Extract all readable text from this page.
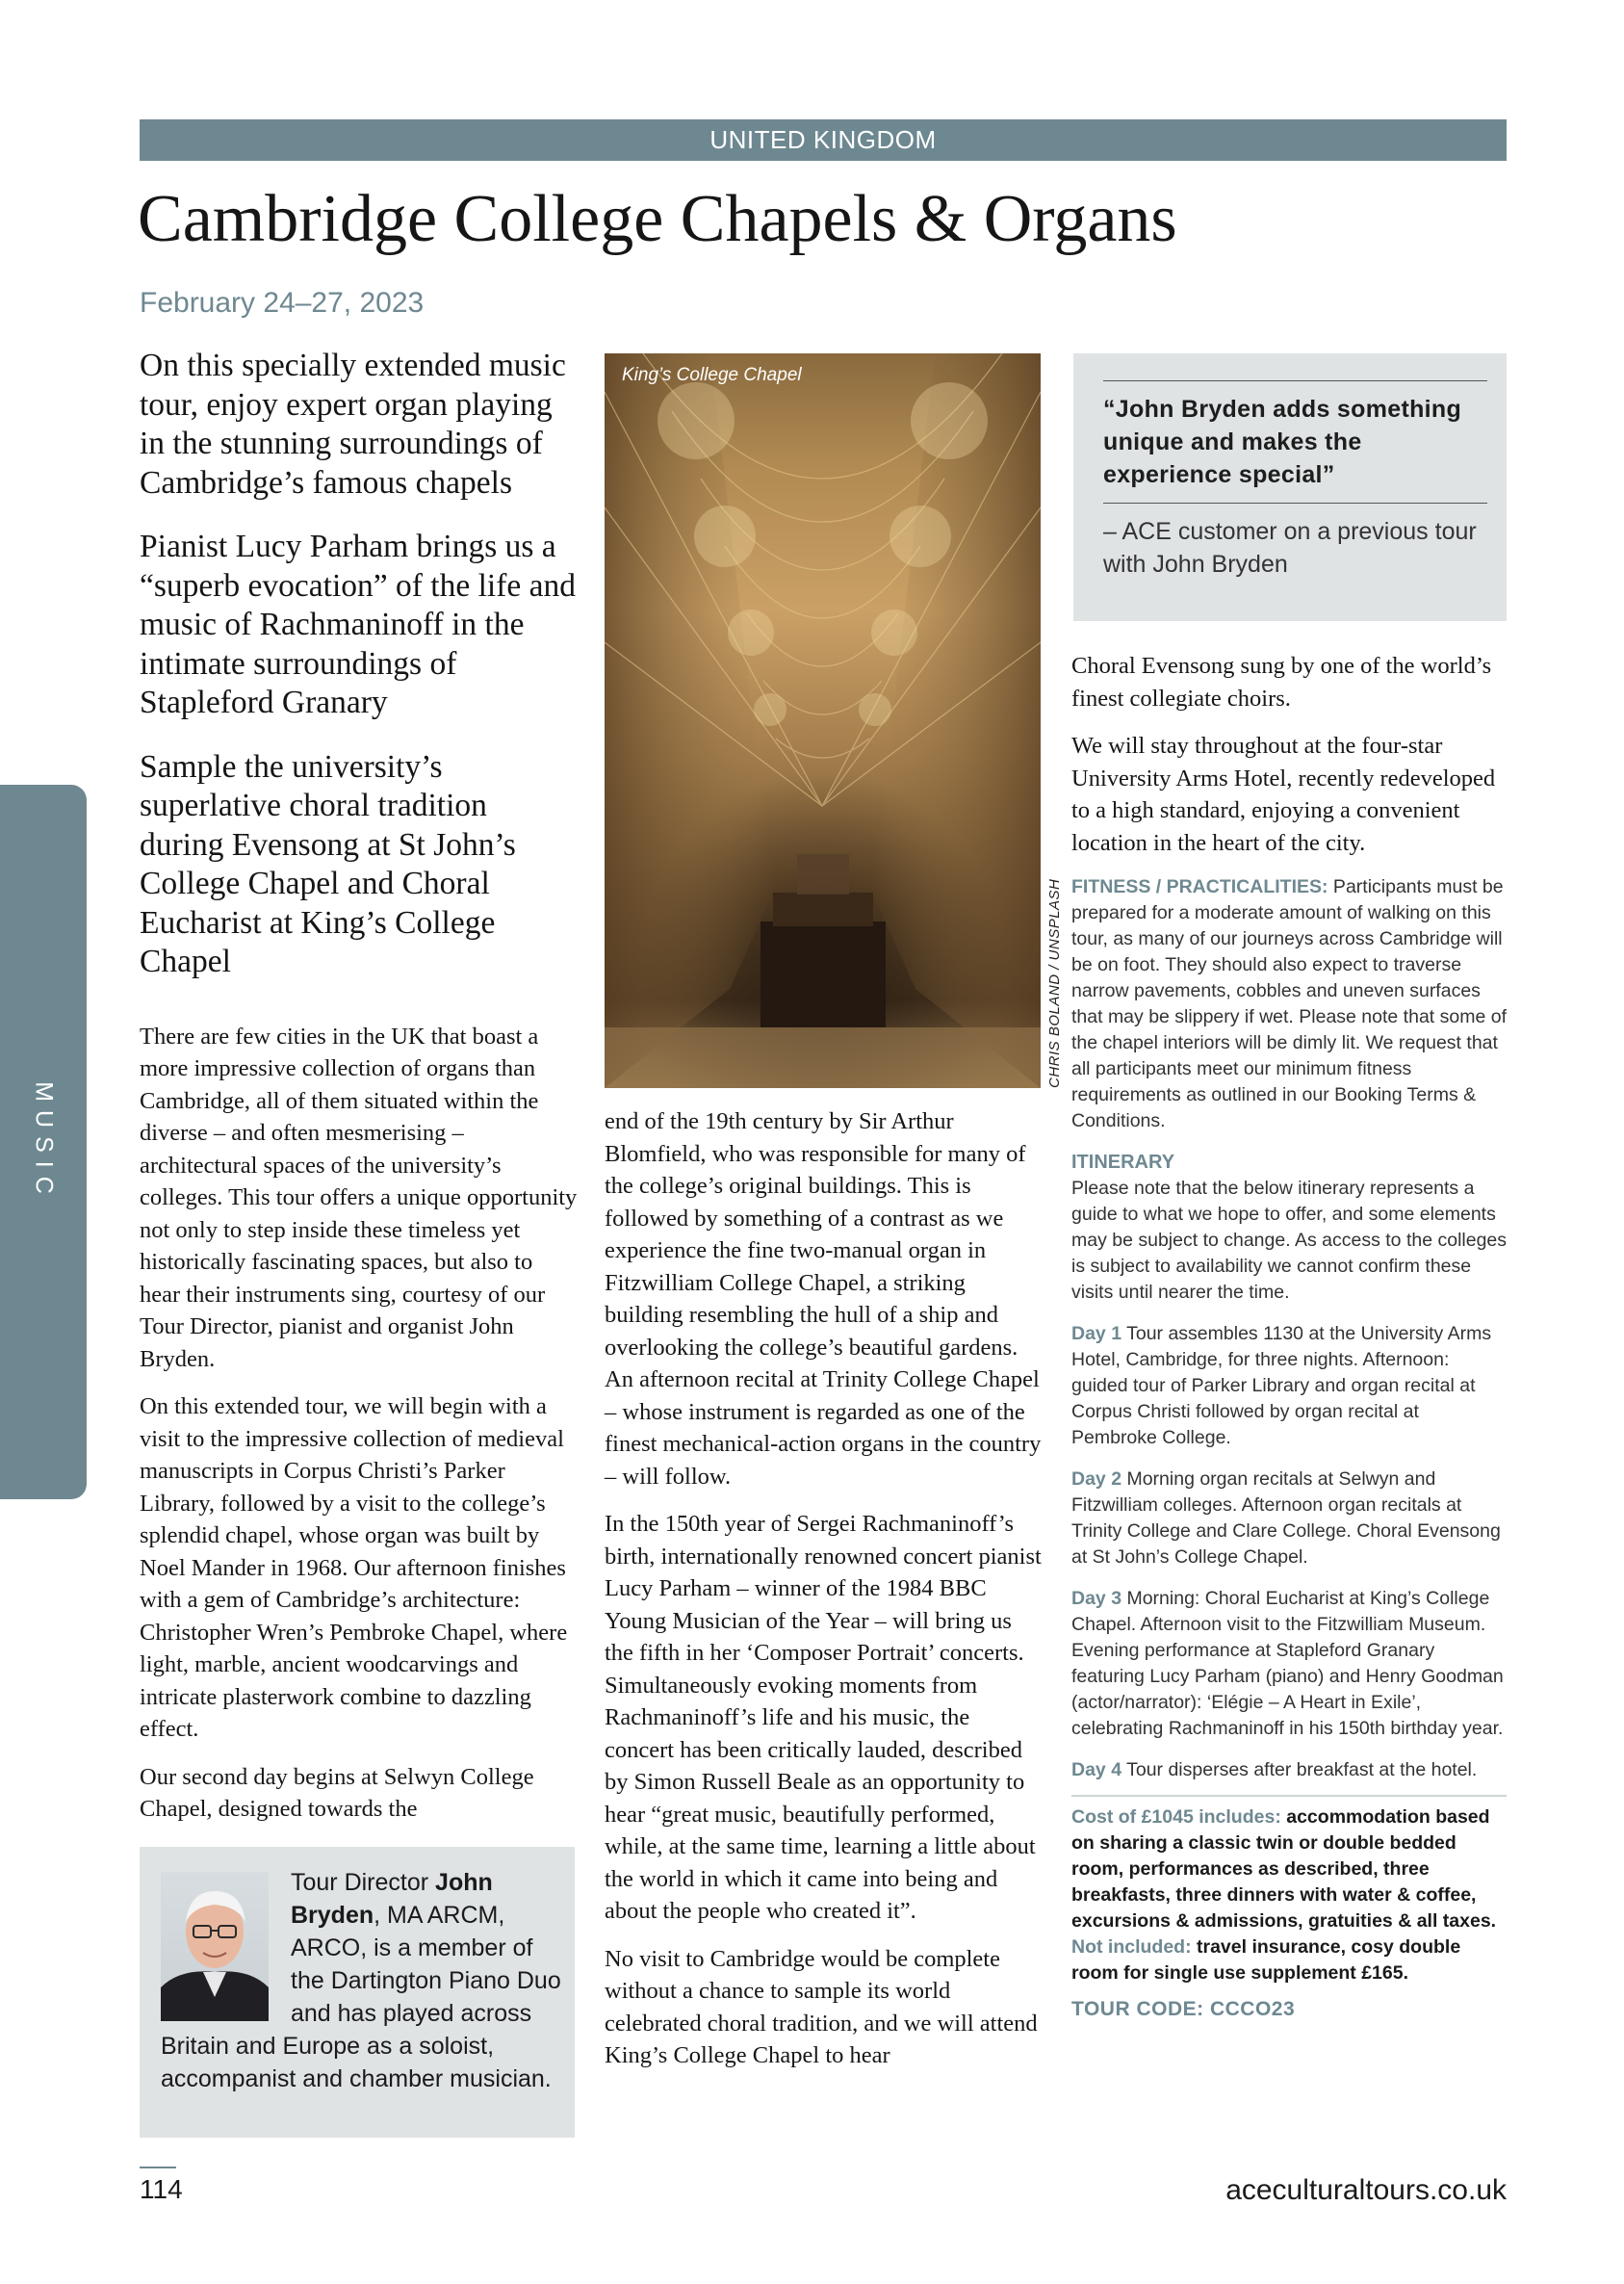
UNITED KINGDOM
Cambridge College Chapels & Organs
February 24–27, 2023
MUSIC

On this specially extended music tour, enjoy expert organ playing in the stunning surroundings of Cambridge’s famous chapels

Pianist Lucy Parham brings us a “superb evocation” of the life and music of Rachmaninoff in the intimate surroundings of Stapleford Granary

Sample the university’s superlative choral tradition during Evensong at St John’s College Chapel and Choral Eucharist at King’s College Chapel

There are few cities in the UK that boast a more impressive collection of organs than Cambridge, all of them situated within the diverse – and often mesmerising – architectural spaces of the university’s colleges. This tour offers a unique opportunity not only to step inside these timeless yet historically fascinating spaces, but also to hear their instruments sing, courtesy of our Tour Director, pianist and organist John Bryden.

On this extended tour, we will begin with a visit to the impressive collection of medieval manuscripts in Corpus Christi’s Parker Library, followed by a visit to the college’s splendid chapel, whose organ was built by Noel Mander in 1968. Our afternoon finishes with a gem of Cambridge’s architecture: Christopher Wren’s Pembroke Chapel, where light, marble, ancient woodcarvings and intricate plasterwork combine to dazzling effect.

Our second day begins at Selwyn College Chapel, designed towards the

King’s College Chapel
CHRIS BOLAND / UNSPLASH

end of the 19th century by Sir Arthur Blomfield, who was responsible for many of the college’s original buildings. This is followed by something of a contrast as we experience the fine two-manual organ in Fitzwilliam College Chapel, a striking building resembling the hull of a ship and overlooking the college’s beautiful gardens. An afternoon recital at Trinity College Chapel – whose instrument is regarded as one of the finest mechanical-action organs in the country – will follow.

In the 150th year of Sergei Rachmaninoff’s birth, internationally renowned concert pianist Lucy Parham – winner of the 1984 BBC Young Musician of the Year – will bring us the fifth in her ‘Composer Portrait’ concerts. Simultaneously evoking moments from Rachmaninoff’s life and his music, the concert has been critically lauded, described by Simon Russell Beale as an opportunity to hear “great music, beautifully performed, while, at the same time, learning a little about the world in which it came into being and about the people who created it”.

No visit to Cambridge would be complete without a chance to sample its world celebrated choral tradition, and we will attend King’s College Chapel to hear

“John Bryden adds something unique and makes the experience special”
– ACE customer on a previous tour with John Bryden

Choral Evensong sung by one of the world’s finest collegiate choirs.

We will stay throughout at the four-star University Arms Hotel, recently redeveloped to a high standard, enjoying a convenient location in the heart of the city.

FITNESS / PRACTICALITIES: Participants must be prepared for a moderate amount of walking on this tour, as many of our journeys across Cambridge will be on foot. They should also expect to traverse narrow pavements, cobbles and uneven surfaces that may be slippery if wet. Please note that some of the chapel interiors will be dimly lit. We request that all participants meet our minimum fitness requirements as outlined in our Booking Terms & Conditions.
ITINERARY
Please note that the below itinerary represents a guide to what we hope to offer, and some elements may be subject to change. As access to the colleges is subject to availability we cannot confirm these visits until nearer the time.
Day 1 Tour assembles 1130 at the University Arms Hotel, Cambridge, for three nights. Afternoon: guided tour of Parker Library and organ recital at Corpus Christi followed by organ recital at Pembroke College.
Day 2 Morning organ recitals at Selwyn and Fitzwilliam colleges. Afternoon organ recitals at Trinity College and Clare College. Choral Evensong at St John’s College Chapel.
Day 3 Morning: Choral Eucharist at King’s College Chapel. Afternoon visit to the Fitzwilliam Museum. Evening performance at Stapleford Granary featuring Lucy Parham (piano) and Henry Goodman (actor/narrator): ‘Elégie – A Heart in Exile’, celebrating Rachmaninoff in his 150th birthday year.
Day 4 Tour disperses after breakfast at the hotel.
Cost of £1045 includes: accommodation based on sharing a classic twin or double bedded room, performances as described, three breakfasts, three dinners with water & coffee, excursions & admissions, gratuities & all taxes. Not included: travel insurance, cosy double room for single use supplement £165.
TOUR CODE: CCCO23
Tour Director John Bryden, MA ARCM, ARCO, is a member of the Dartington Piano Duo and has played across Britain and Europe as a soloist, accompanist and chamber musician.
114	aceculturaltours.co.uk
